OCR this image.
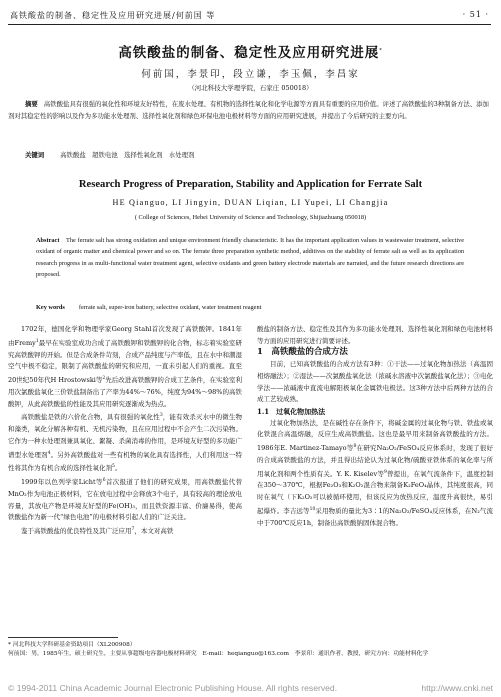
高铁酸盐的制备、稳定性及应用研究进展/何前国 等	· 51 ·
高铁酸盐的制备、稳定性及应用研究进展*
何前国，李景印，段立谦，李玉佩，李昌家
（河北科技大学理学院，石家庄 050018）

摘要 高铁酸盐具有很强的氧化性和环境友好特性，在废水处理、有机物的选择性氧化和化学电源等方面具有重要的应用价值。评述了高铁酸盐的3种制备方法、添加剂对其稳定性的影响以及作为多功能水处理剂、选择性氧化剂和绿色环保电池电极材料等方面的应用研究进展，并提出了今后研究的主要方向。

关键词	高铁酸盐　超铁电池　选择性氧化剂　水处理剂
Research Progress of Preparation, Stability and Application for Ferrate Salt
HE Qianguo, LI Jingyin, DUAN Liqian, LI Yupei, LI Changjia
( College of Sciences, Hebei University of Science and Technology, Shijiazhuang 050018)

Abstract The ferrate salt has strong oxidation and unique environment friendly characteristic. It has the important application values in wastewater treatment, selective oxidant of organic matter and chemical power and so on. The ferrate three preparation synthetic method, additives on the stability of ferrate salt as well as its application research progress in as multi-functional water treatment agent, selective oxidants and green battery electrode materials are narrated, and the future research directions are proposed.

Key words ferrate salt, super-iron battery, selective oxidant, water treatment reagent

1702年，德国化学和物理学家Georg Stahl首次发现了高铁酸钾。1841年由Fremy$^1$最早在实验室成功合成了高铁酸钾和铁酸钾的化合物，标志着实验室研究高铁酸钾的开始。但是合成条件苛刻，合成产品纯度与产率低，且在水中和潮湿空气中极不稳定，限制了高铁酸盐的研究和应用，一直未引起人们的重视。直至20世纪50年代H Hrostowski等$^2$先后改进高铁酸钾的合成工艺条件，在实验室利用次氯酸盐氧化三价铁盐制备出了产率为44%～76%，纯度为94%～98%的高铁酸钾，从此高铁酸盐的性能及其应用研究逐渐成为热点。

高铁酸盐是铁的六价化合物，具有很强的氧化性$^3$，能有效杀灭水中的微生物和藻类，氧化分解各种有机、无机污染物，且在应用过程中不会产生二次污染物。它作为一种水处理剂兼具氧化、絮凝、杀菌消毒的作用，是环境友好型的多功能广谱型水处理剂$^4$。另外高铁酸盐对一些有机物的氧化具有选择性，人们利用这一特性将其作为有机合成的选择性氧化剂$^5$。

1999年以色列学家Licht等$^6$首次报道了他们的研究成果，用高铁酸盐代替MnO₂作为电池正极材料，它在放电过程中会释放3个电子，具有较高的理论放电容量，其放电产物是环境友好型的Fe(OH)₃，而且铁资源丰富、价廉易得，使高铁酸盐作为新一代“绿色电池”的电极材料引起人们的广泛关注。

鉴于高铁酸盐的优良特性及其广泛应用$^7$，本文对高铁

酸盐的制备方法、稳定性及其作为多功能水处理剂、选择性氧化剂和绿色电池材料等方面的应用研究进行简要评述。

1　高铁酸盐的合成方法

目前，已知高铁酸盐的合成方法有3种：①干法——过氧化物加热法（高温固相熔融法）；②湿法——次氯酸盐氧化法（浓碱水溶液中次氯酸盐氧化法）；③电化学法——浓碱液中直流电解阳极氧化金属铁电极法。这3种方法中后两种方法的合成工艺较成熟。

1.1　过氧化物加热法

过氧化物加热法，是在碱性存在条件下，将碱金属的过氧化物与铁、铁盐或氧化铁混合高温熔融，反应生成高铁酸盐。这也是最早用来制备高铁酸盐的方法。1986年E. Martinez-Tamayo等$^8$在研究Na₂O₂/FeSO₄反应体系时，发现了很好的合成高铁酸盐的方法，并且得出结论认为过氧化物/硫酸亚铁体系的氧化率与所用氧化剂和两个性质有关。Y. K. Kiselev等$^9$曾提出，在氧气流条件下，温度控制在350～370℃，根据Fe₂O₃和K₂O₂混合物来制备K₂FeO₄晶体，其纯度很高，同时在氧气（下K₂O₂可以被循环使用，但该反应为放热反应，温度升高很快，易引起爆炸。李吉远等$^{10}$采用物质的量比为3∶1的Na₂O₂/FeSO₄反应体系，在N₂气流中于700℃反应1h，制备出高铁酸钠固体混合物。

* 河北科技大学科研基金资助项目（XL200908）

何前国：男，1985年生，硕士研究生，主要从事超级电容器电极材料研究　E-mail：heqianguo@163.com　李景印：通讯作者，教授，研究方向：功能材料化学

© 1994-2011 China Academic Journal Electronic Publishing House. All rights reserved.	http://www.cnki.net
